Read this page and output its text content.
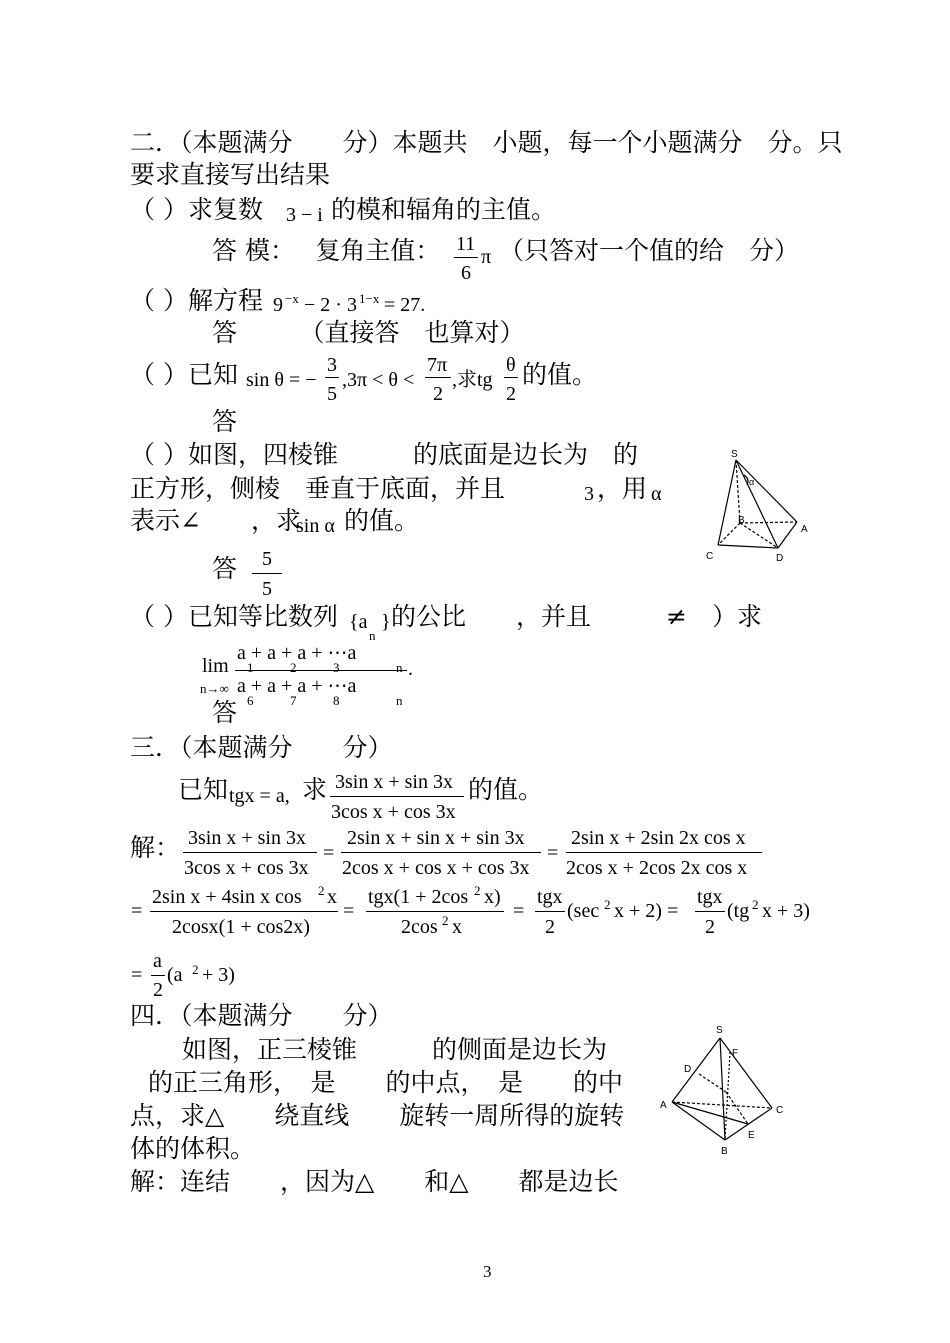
二．（本题满分　　分）本题共　小题，每一个小题满分　分。只
要求直接写出结果
（ ）求复数 3 − i 的模和辐角的主值。
答 模：　 复角主值： 11
6
π （只答对一个值的给　分）
（ ）解方程 9 −x − 2 · 3 1−x = 27.
答　　　（直接答　也算对）
（ ）已知 sin θ = −
3
5
,3π < θ <
7π
2
,求tg
θ
2
的值。
答
（ ）如图，四棱锥　　　的底面是边长为　的
正方形，侧棱　垂直于底面，并且	3 ，用 α
表示∠　　，求
sin α 的值。
答 5
5
S
α
B
A
C	D
（ ）已知等比数列 {a }
n
的公比　　，并且　　　≠　）求
lim
n→∞
a + a + a + ⋯a
1	2	3	n
a + a + a + ⋯a
6	7	8	n
.
答
三．（本题满分　　分）
已知 tgx = a, 求 3sin x + sin 3x
3cos x + cos 3x
的值。
解： 3sin x + sin 3x
3cos x + cos 3x
=
2sin x + sin x + sin 3x
2cos x + cos x + cos 3x
=
2sin x + 2sin 2x cos x
2cos x + 2cos 2x cos x
=
2sin x + 4sin x cos 2 x
2cosx(1 + cos2x)
=
tgx(1 + 2cos 2 x)
2cos 2 x
=
tgx
2
(sec 2 x + 2) =
tgx
2
(tg 2 x + 3)
=
a
2
(a 2 + 3)
四．（本题满分　　分）
如图，正三棱锥　　　的侧面是边长为
的正三角形，　是　　的中点，　是　　的中
点，求△　　绕直线　　旋转一周所得的旋转
体的体积。
解：连结　　，因为△　　和△　　都是边长
S
F
D
A	C
E
B
3
